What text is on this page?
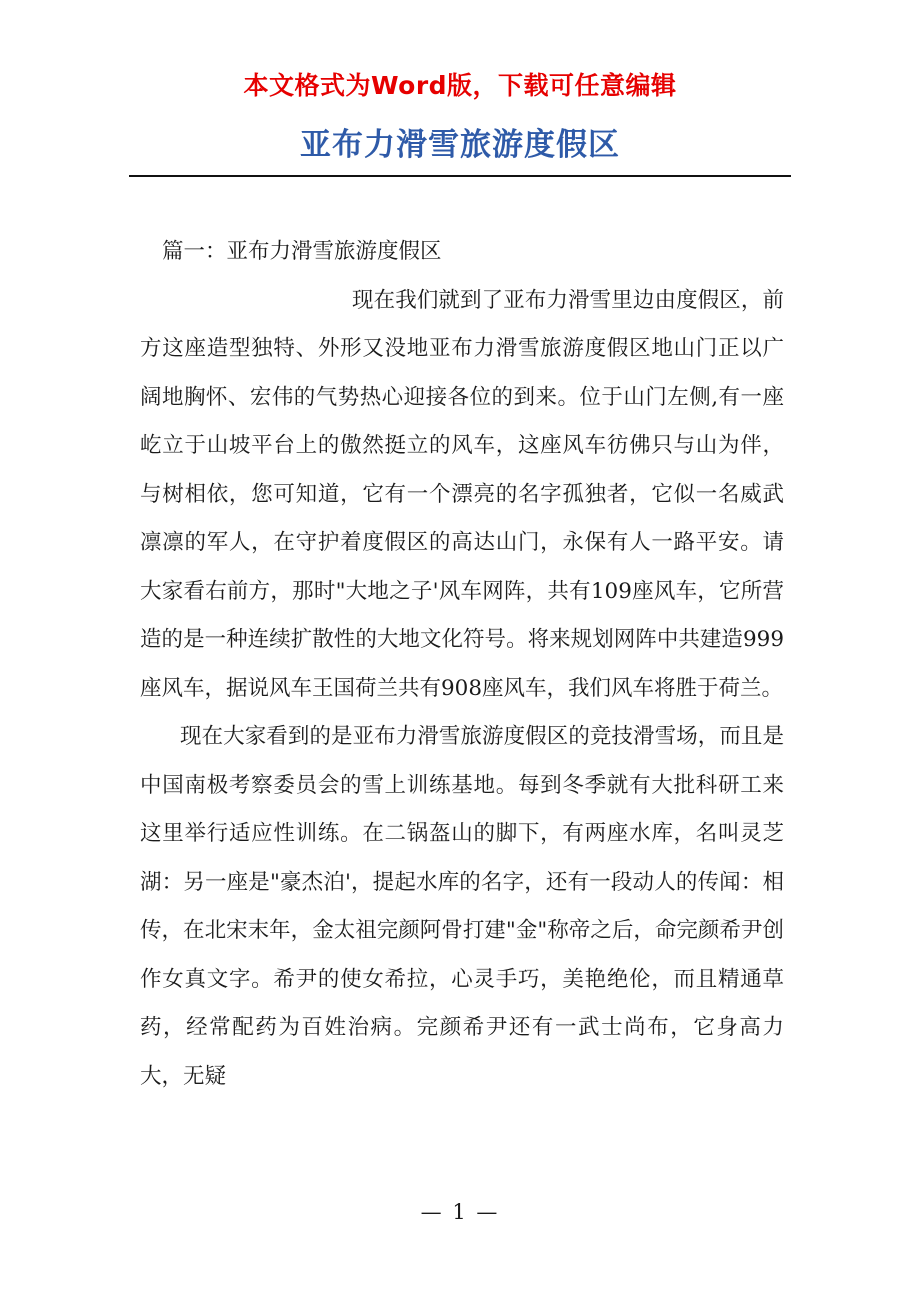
本文格式为Word版，下载可任意编辑
亚布力滑雪旅游度假区

篇一：亚布力滑雪旅游度假区

现在我们就到了亚布力滑雪里边由度假区，前方这座造型独特、外形又没地亚布力滑雪旅游度假区地山门正以广阔地胸怀、宏伟的气势热心迎接各位的到来。位于山门左侧,有一座屹立于山坡平台上的傲然挺立的风车，这座风车彷佛只与山为伴，与树相依，您可知道，它有一个漂亮的名字孤独者，它似一名威武凛凛的军人，在守护着度假区的高达山门，永保有人一路平安。请大家看右前方，那时"大地之子'风车网阵，共有109座风车，它所营造的是一种连续扩散性的大地文化符号。将来规划网阵中共建造999座风车，据说风车王国荷兰共有908座风车，我们风车将胜于荷兰。

现在大家看到的是亚布力滑雪旅游度假区的竞技滑雪场，而且是中国南极考察委员会的雪上训练基地。每到冬季就有大批科研工来这里举行适应性训练。在二锅盔山的脚下，有两座水库，名叫灵芝湖：另一座是"豪杰泊'，提起水库的名字，还有一段动人的传闻：相传，在北宋末年，金太祖完颜阿骨打建"金"称帝之后，命完颜希尹创作女真文字。希尹的使女希拉，心灵手巧，美艳绝伦，而且精通草药，经常配药为百姓治病。完颜希尹还有一武士尚布，它身高力大，无疑

— 1 —
